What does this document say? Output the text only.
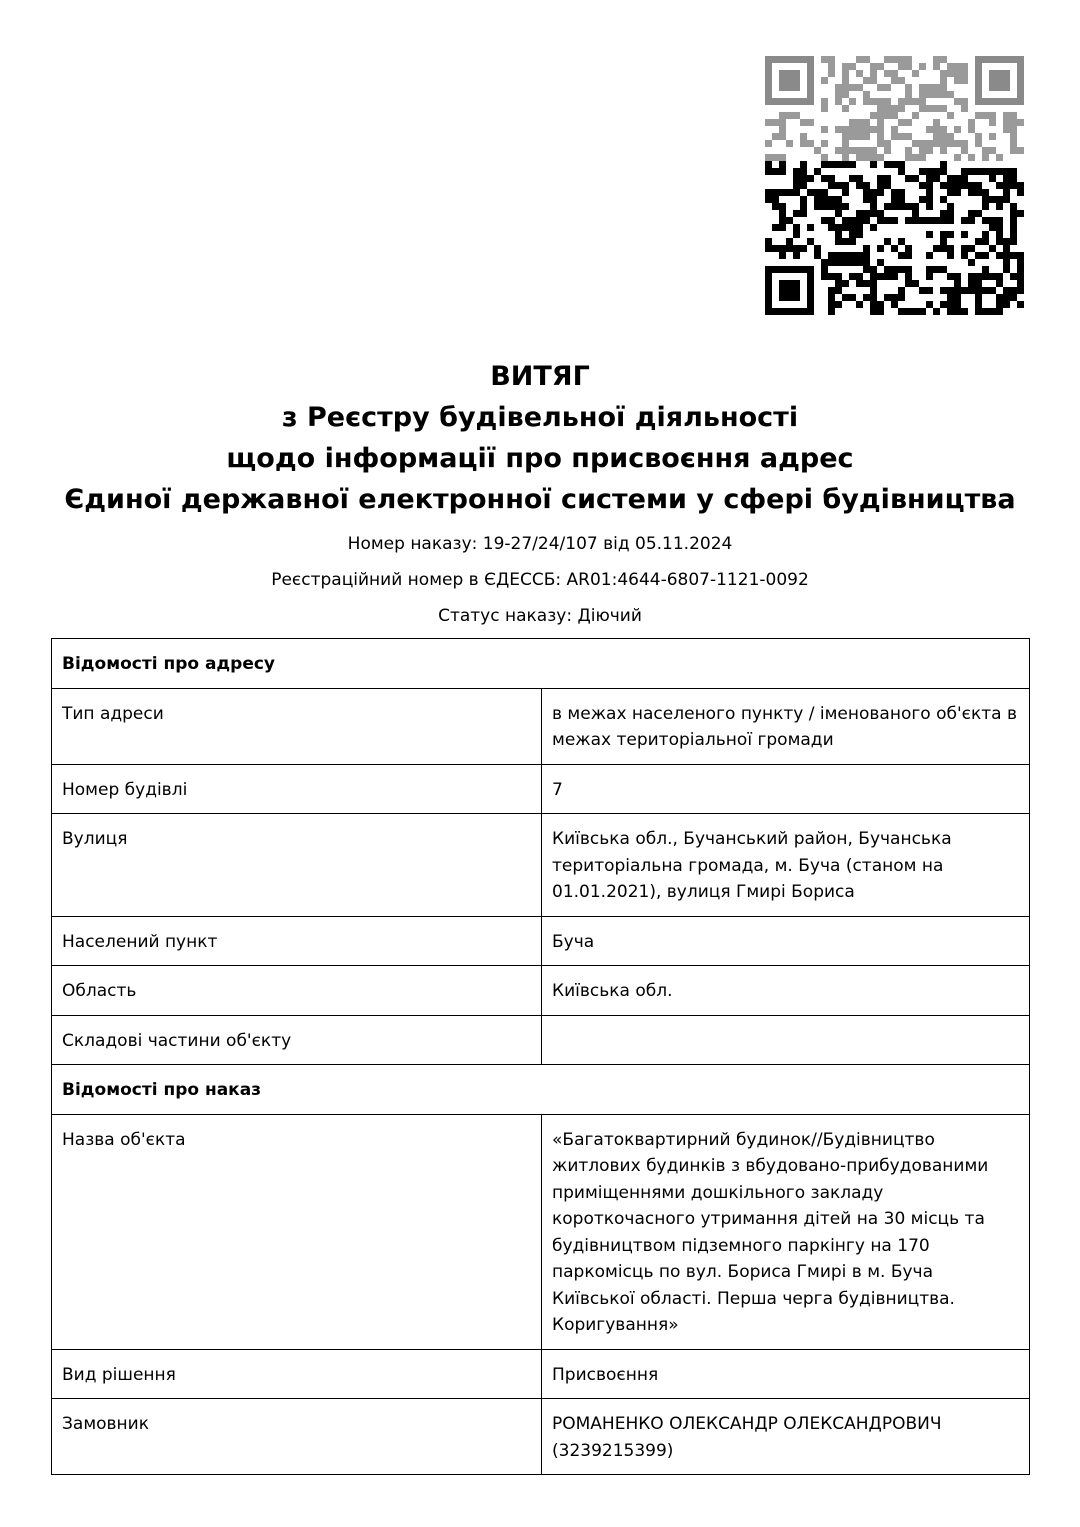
ВИТЯГ
з Реєстру будівельної діяльності
щодо інформації про присвоєння адрес
Єдиної державної електронної системи у сфері будівництва
Номер наказу: 19-27/24/107 від 05.11.2024
Реєстраційний номер в ЄДЕССБ: AR01:4644-6807-1121-0092
Статус наказу: Діючий
Відомості про адресу	
Тип адреси	в межах населеного пункту / іменованого об'єкта в межах територіальної громади
Номер будівлі	7
Вулиця	Київська обл., Бучанський район, Бучанська територіальна громада, м. Буча (станом на 01.01.2021), вулиця Гмирі Бориса
Населений пункт	Буча
Область	Київська обл.
Складові частини об'єкту	
Відомості про наказ	
Назва об'єкта	«Багатоквартирний будинок//Будівництво житлових будинків з вбудовано-прибудованими приміщеннями дошкільного закладу короткочасного утримання дітей на 30 місць та будівництвом підземного паркінгу на 170 паркомісць по вул. Бориса Гмирі в м. Буча Київської області. Перша черга будівництва. Коригування»
Вид рішення	Присвоєння
Замовник	РОМАНЕНКО ОЛЕКСАНДР ОЛЕКСАНДРОВИЧ (3239215399)
